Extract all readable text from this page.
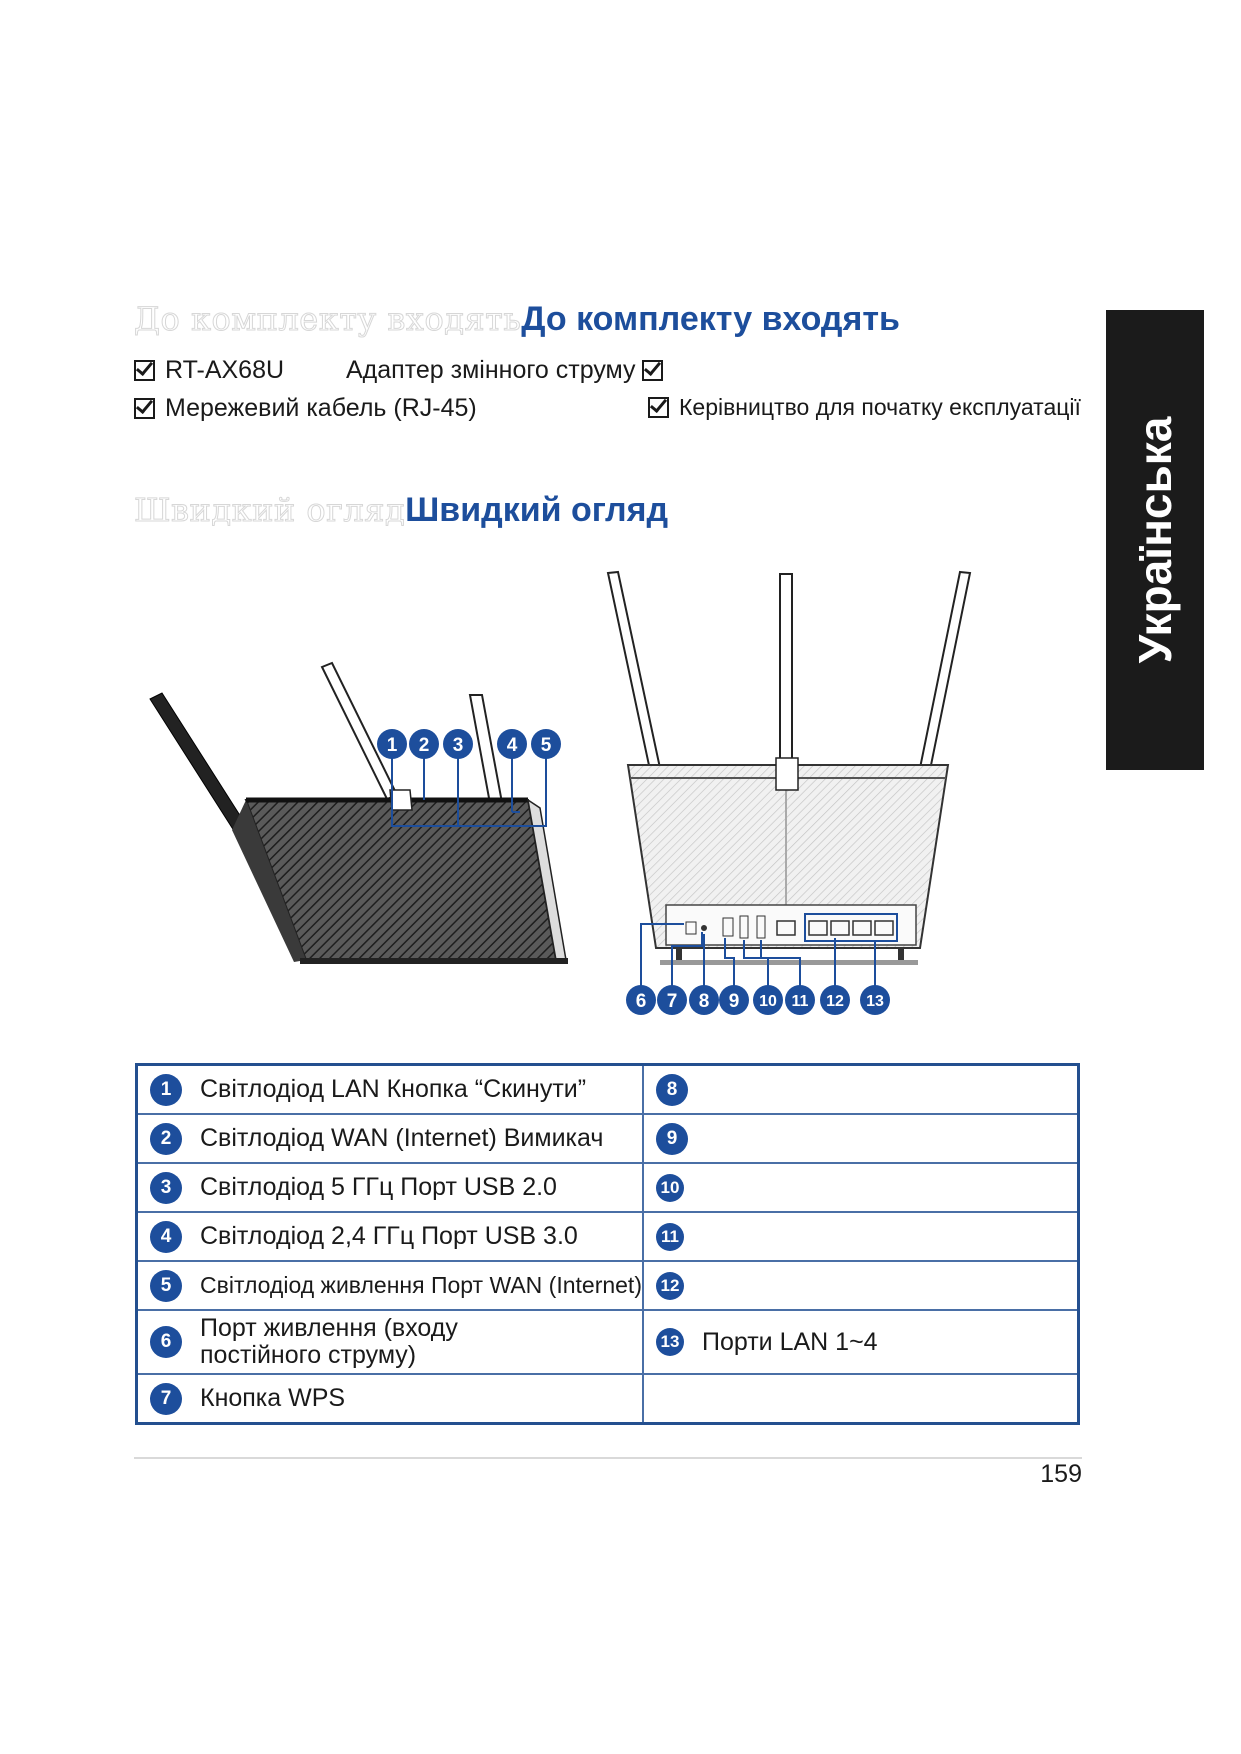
До комплекту входять До комплекту входять
RT-AX68U Адаптер змінного струму
Мережевий кабель (RJ-45)	Керівництво для початку експлуатації
Швидкий огляд Швидкий огляд	Українська
1 2 3 4 5
6 7 8 9 10 11 12 13
1 Світлодіод LAN Кнопка “Скинути”	8

2 Світлодіод WAN (Internet) Вимикач	9

3 Світлодіод 5 ГГц Порт USB 2.0	10

4 Світлодіод 2,4 ГГц Порт USB 3.0	11

5 Світлодіод живлення Порт WAN (Internet)	12

6 Порт живлення (входу постійного струму)	13 Порти LAN 1~4

7 Кнопка WPS	

159
